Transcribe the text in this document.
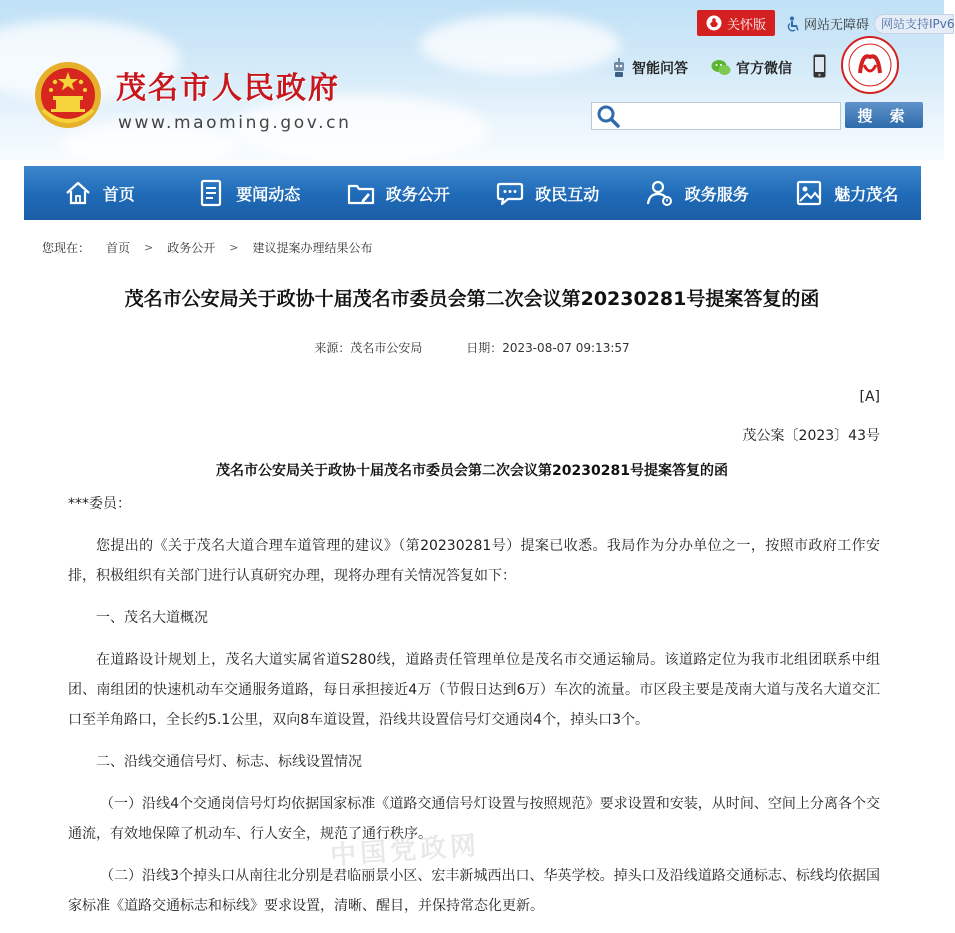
茂名市人民政府
www.maoming.gov.cn
关怀版	网站无障碍 网站支持IPv6
智能问答	官方微信
搜 索
首页	要闻动态	政务公开	政民互动	政务服务	魅力茂名
您现在： 首页 > 政务公开 > 建议提案办理结果公布
茂名市公安局关于政协十届茂名市委员会第二次会议第20230281号提案答复的函
来源：茂名市公安局	日期：2023-08-07 09:13:57
[A]
茂公案〔2023〕43号
茂名市公安局关于政协十届茂名市委员会第二次会议第20230281号提案答复的函

***委员：

您提出的《关于茂名大道合理车道管理的建议》（第20230281号）提案已收悉。我局作为分办单位之一，按照市政府工作安排，积极组织有关部门进行认真研究办理，现将办理有关情况答复如下：

一、茂名大道概况

在道路设计规划上，茂名大道实属省道S280线，道路责任管理单位是茂名市交通运输局。该道路定位为我市北组团联系中组团、南组团的快速机动车交通服务道路，每日承担接近4万（节假日达到6万）车次的流量。市区段主要是茂南大道与茂名大道交汇口至羊角路口，全长约5.1公里，双向8车道设置，沿线共设置信号灯交通岗4个，掉头口3个。

二、沿线交通信号灯、标志、标线设置情况

（一）沿线4个交通岗信号灯均依据国家标准《道路交通信号灯设置与按照规范》要求设置和安装，从时间、空间上分离各个交通流，有效地保障了机动车、行人安全，规范了通行秩序。

（二）沿线3个掉头口从南往北分别是君临丽景小区、宏丰新城西出口、华英学校。掉头口及沿线道路交通标志、标线均依据国家标准《道路交通标志和标线》要求设置，清晰、醒目，并保持常态化更新。

中国党政网
